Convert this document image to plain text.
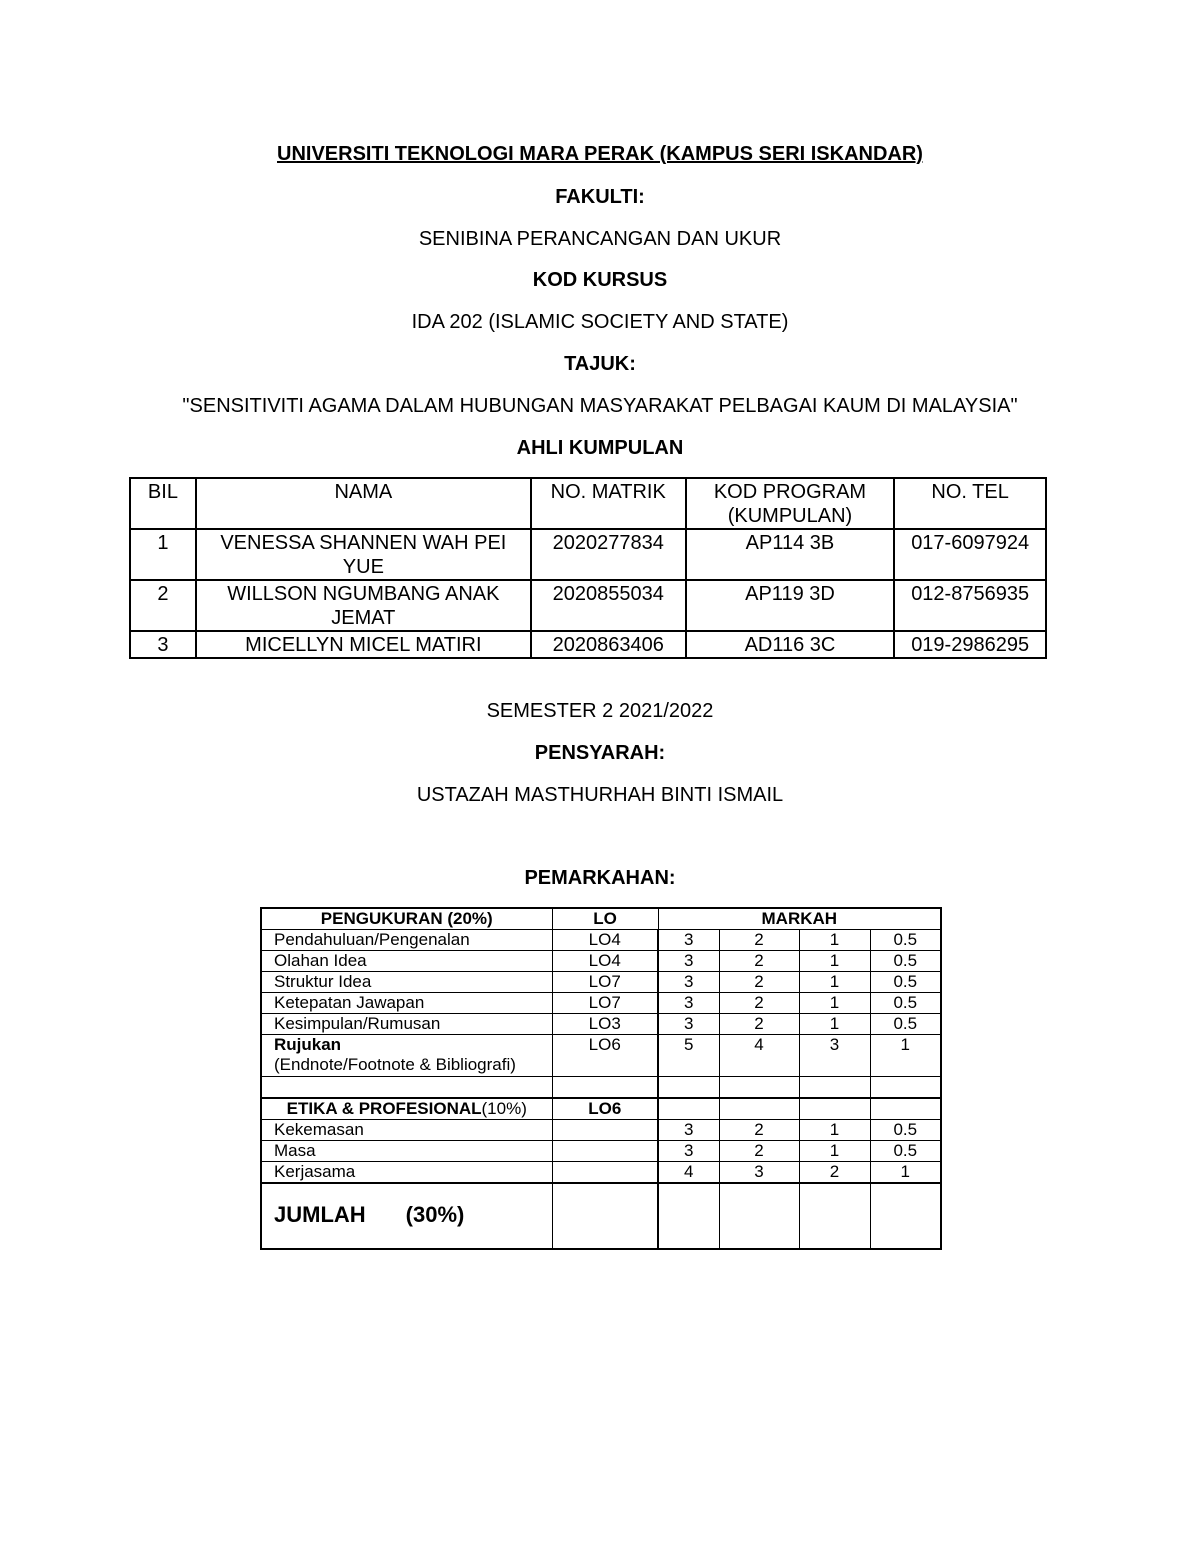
UNIVERSITI TEKNOLOGI MARA PERAK (KAMPUS SERI ISKANDAR)
FAKULTI:
SENIBINA PERANCANGAN DAN UKUR
KOD KURSUS
IDA 202 (ISLAMIC SOCIETY AND STATE)
TAJUK:
"SENSITIVITI AGAMA DALAM HUBUNGAN MASYARAKAT PELBAGAI KAUM DI MALAYSIA"
AHLI KUMPULAN
BIL	NAMA	NO. MATRIK	KOD PROGRAM (KUMPULAN)	NO. TEL
1	VENESSA SHANNEN WAH PEI YUE	2020277834	AP114 3B	017-6097924
2	WILLSON NGUMBANG ANAK JEMAT	2020855034	AP119 3D	012-8756935
3	MICELLYN MICEL MATIRI	2020863406	AD116 3C	019-2986295
SEMESTER 2 2021/2022
PENSYARAH:
USTAZAH MASTHURHAH BINTI ISMAIL
PEMARKAHAN:
PENGUKURAN (20%)	LO	MARKAH			
Pendahuluan/Pengenalan	LO4	3	2	1	0.5
Olahan Idea	LO4	3	2	1	0.5
Struktur Idea	LO7	3	2	1	0.5
Ketepatan Jawapan	LO7	3	2	1	0.5
Kesimpulan/Rumusan	LO3	3	2	1	0.5

Rujukan
(Endnote/Footnote & Bibliografi)	LO6	5	4	3	1

ETIKA & PROFESIONAL(10%)	LO6				
Kekemasan		3	2	1	0.5
Masa		3	2	1	0.5
Kerjasama		4	3	2	1
JUMLAH (30%)					
